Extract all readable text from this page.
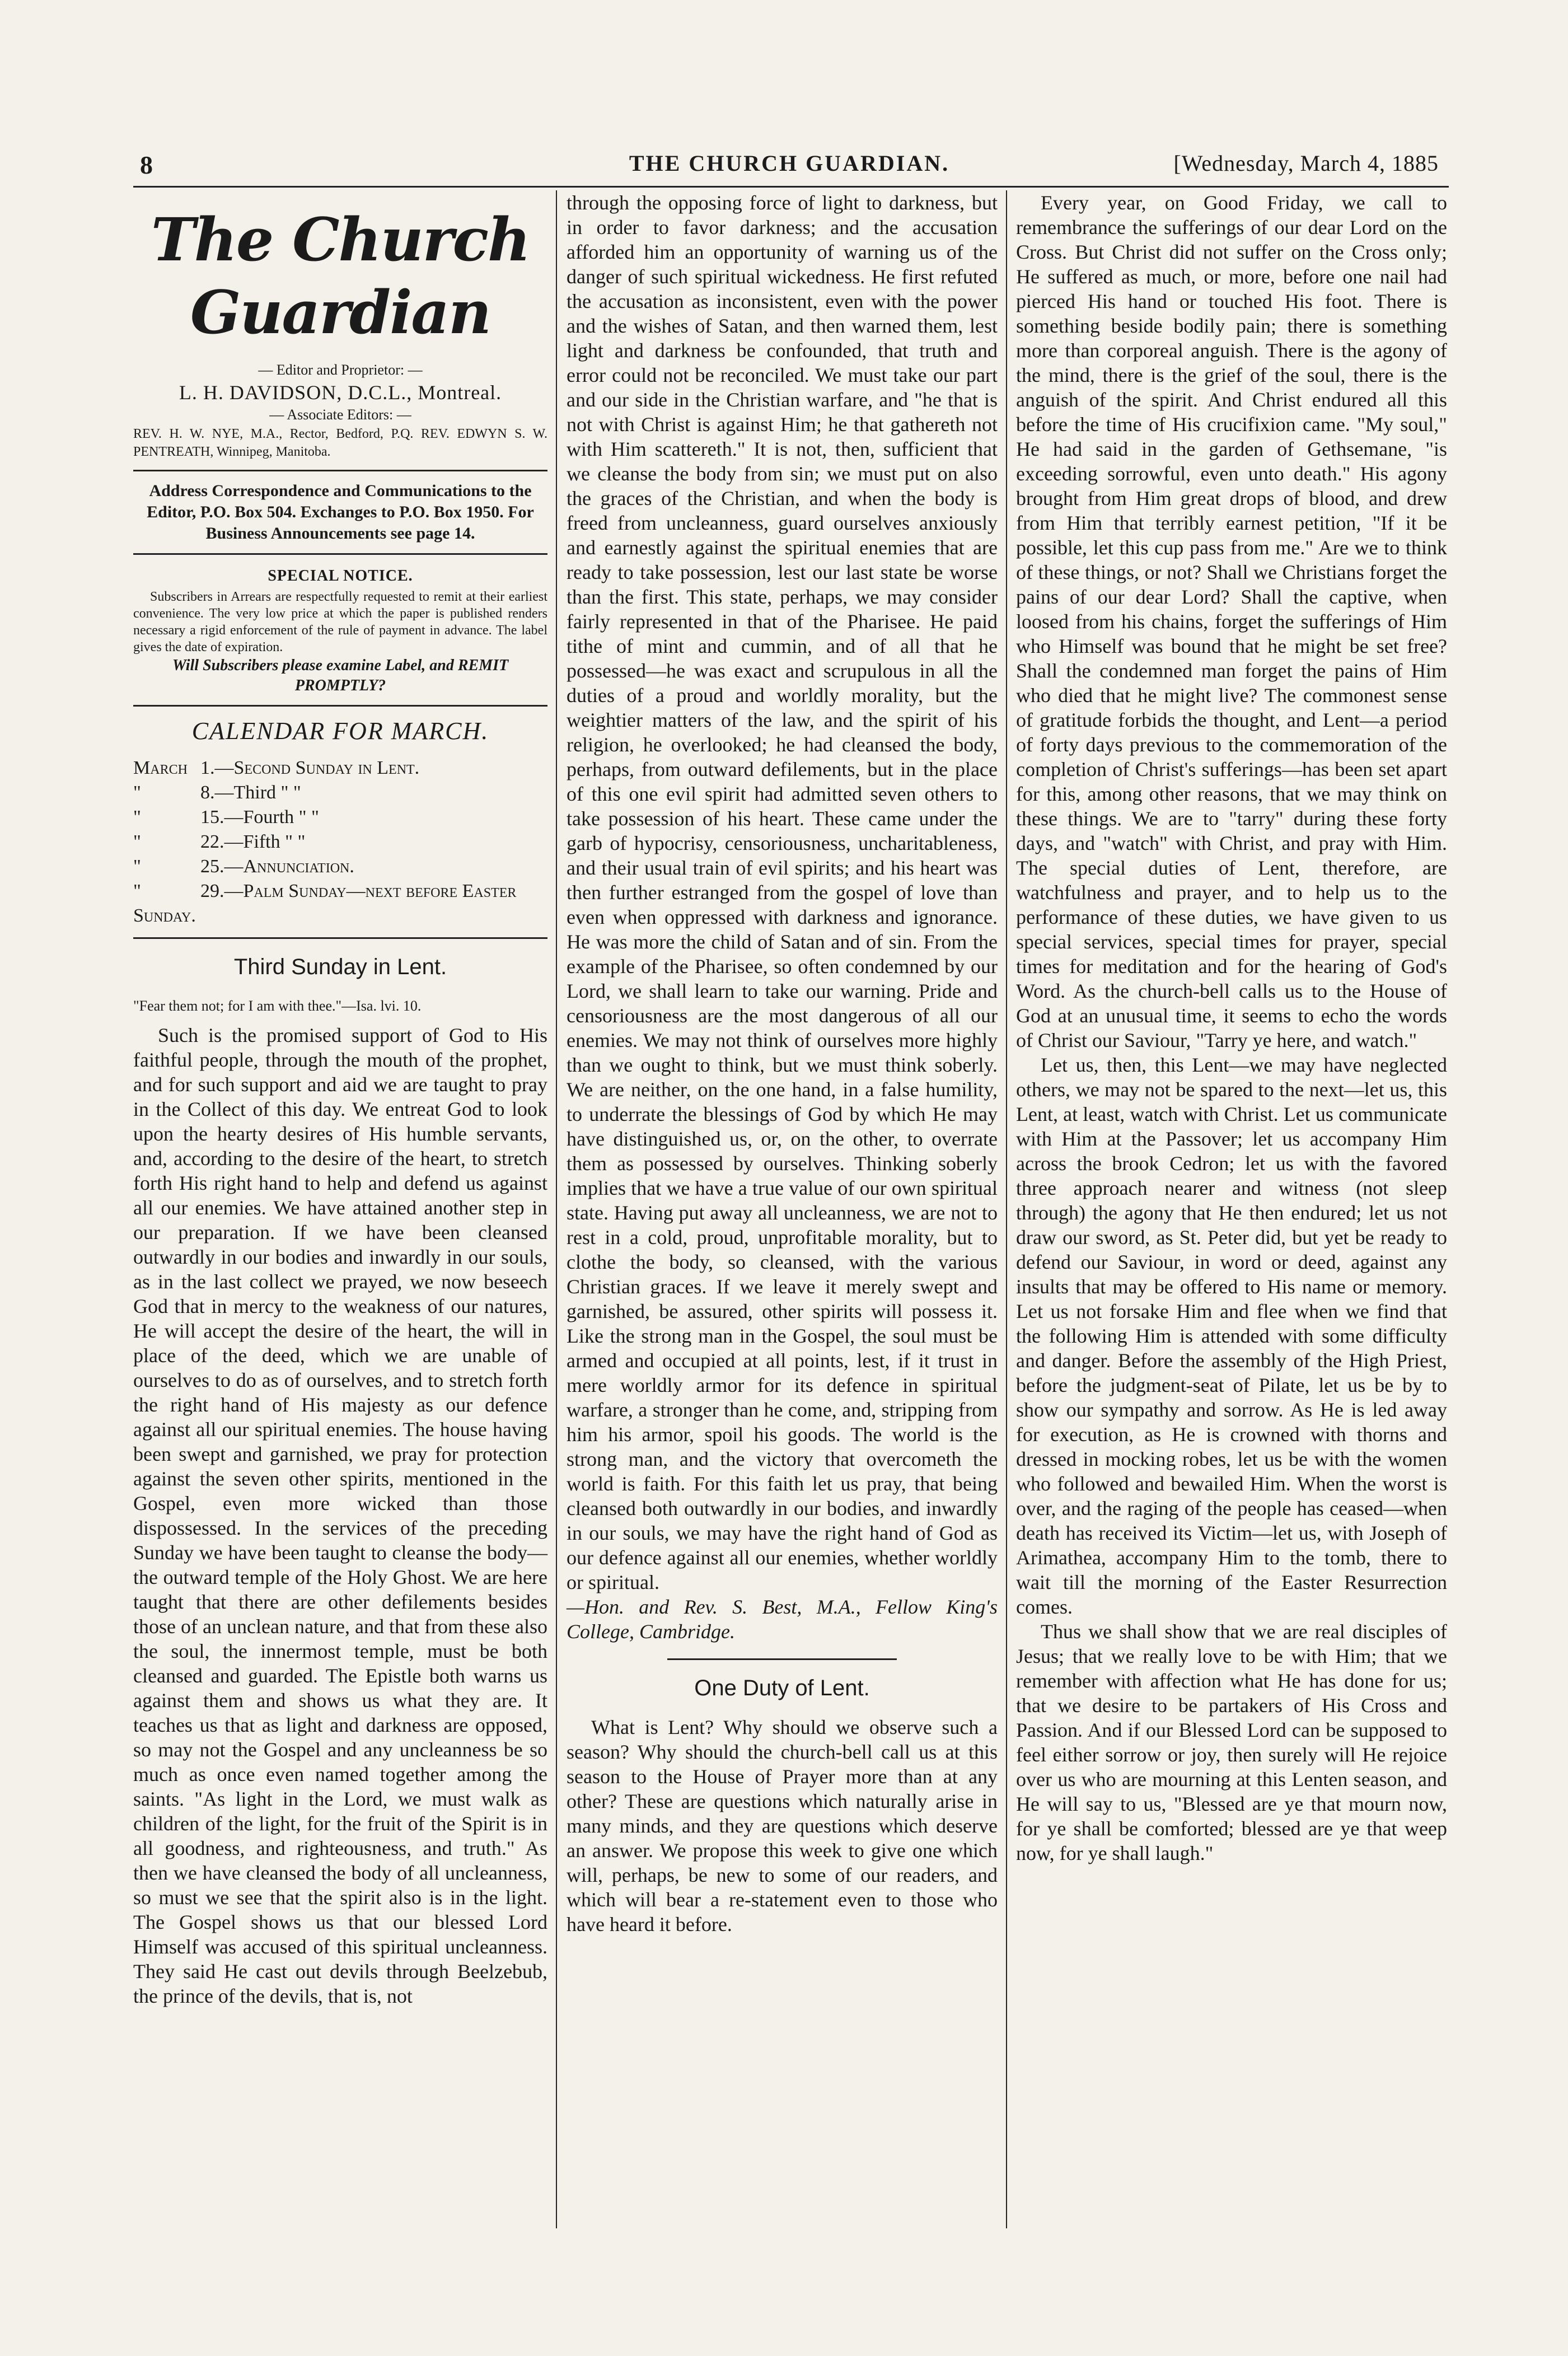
8	THE CHURCH GUARDIAN.	[Wednesday, March 4, 1885
The Church Guardian
— Editor and Proprietor: —
L. H. DAVIDSON, D.C.L., Montreal.
— Associate Editors: —
REV. H. W. NYE, M.A., Rector, Bedford, P.Q. REV. EDWYN S. W. PENTREATH, Winnipeg, Manitoba.
Address Correspondence and Communications to the Editor, P.O. Box 504. Exchanges to P.O. Box 1950. For Business Announcements see page 14.
SPECIAL NOTICE.
Subscribers in Arrears are respectfully requested to remit at their earliest convenience. The very low price at which the paper is published renders necessary a rigid enforcement of the rule of payment in advance. The label gives the date of expiration.
Will Subscribers please examine Label, and REMIT PROMPTLY?
CALENDAR FOR MARCH.
March 1.—Second Sunday in Lent.
"	8.—Third " "
"	15.—Fourth " "
"	22.—Fifth " "
"	25.—Annunciation.
"	29.—Palm Sunday—next before Easter Sunday.
Third Sunday in Lent.
"Fear them not; for I am with thee."—Isa. lvi. 10.

Such is the promised support of God to His faithful people, through the mouth of the prophet, and for such support and aid we are taught to pray in the Collect of this day. We entreat God to look upon the hearty desires of His humble servants, and, according to the desire of the heart, to stretch forth His right hand to help and defend us against all our enemies. We have attained another step in our preparation. If we have been cleansed outwardly in our bodies and inwardly in our souls, as in the last collect we prayed, we now beseech God that in mercy to the weakness of our natures, He will accept the desire of the heart, the will in place of the deed, which we are unable of ourselves to do as of ourselves, and to stretch forth the right hand of His majesty as our defence against all our spiritual enemies. The house having been swept and garnished, we pray for protection against the seven other spirits, mentioned in the Gospel, even more wicked than those dispossessed. In the services of the preceding Sunday we have been taught to cleanse the body—the outward temple of the Holy Ghost. We are here taught that there are other defilements besides those of an unclean nature, and that from these also the soul, the innermost temple, must be both cleansed and guarded. The Epistle both warns us against them and shows us what they are. It teaches us that as light and darkness are opposed, so may not the Gospel and any uncleanness be so much as once even named together among the saints. "As light in the Lord, we must walk as children of the light, for the fruit of the Spirit is in all goodness, and righteousness, and truth." As then we have cleansed the body of all uncleanness, so must we see that the spirit also is in the light. The Gospel shows us that our blessed Lord Himself was accused of this spiritual uncleanness. They said He cast out devils through Beelzebub, the prince of the devils, that is, not

through the opposing force of light to darkness, but in order to favor darkness; and the accusation afforded him an opportunity of warning us of the danger of such spiritual wickedness. He first refuted the accusation as inconsistent, even with the power and the wishes of Satan, and then warned them, lest light and darkness be confounded, that truth and error could not be reconciled. We must take our part and our side in the Christian warfare, and "he that is not with Christ is against Him; he that gathereth not with Him scattereth." It is not, then, sufficient that we cleanse the body from sin; we must put on also the graces of the Christian, and when the body is freed from uncleanness, guard ourselves anxiously and earnestly against the spiritual enemies that are ready to take possession, lest our last state be worse than the first. This state, perhaps, we may consider fairly represented in that of the Pharisee. He paid tithe of mint and cummin, and of all that he possessed—he was exact and scrupulous in all the duties of a proud and worldly morality, but the weightier matters of the law, and the spirit of his religion, he overlooked; he had cleansed the body, perhaps, from outward defilements, but in the place of this one evil spirit had admitted seven others to take possession of his heart. These came under the garb of hypocrisy, censoriousness, uncharitableness, and their usual train of evil spirits; and his heart was then further estranged from the gospel of love than even when oppressed with darkness and ignorance. He was more the child of Satan and of sin. From the example of the Pharisee, so often condemned by our Lord, we shall learn to take our warning. Pride and censoriousness are the most dangerous of all our enemies. We may not think of ourselves more highly than we ought to think, but we must think soberly. We are neither, on the one hand, in a false humility, to underrate the blessings of God by which He may have distinguished us, or, on the other, to overrate them as possessed by ourselves. Thinking soberly implies that we have a true value of our own spiritual state. Having put away all uncleanness, we are not to rest in a cold, proud, unprofitable morality, but to clothe the body, so cleansed, with the various Christian graces. If we leave it merely swept and garnished, be assured, other spirits will possess it. Like the strong man in the Gospel, the soul must be armed and occupied at all points, lest, if it trust in mere worldly armor for its defence in spiritual warfare, a stronger than he come, and, stripping from him his armor, spoil his goods. The world is the strong man, and the victory that overcometh the world is faith. For this faith let us pray, that being cleansed both outwardly in our bodies, and inwardly in our souls, we may have the right hand of God as our defence against all our enemies, whether worldly or spiritual.

—Hon. and Rev. S. Best, M.A., Fellow King's College, Cambridge.

One Duty of Lent.

What is Lent? Why should we observe such a season? Why should the church-bell call us at this season to the House of Prayer more than at any other? These are questions which naturally arise in many minds, and they are questions which deserve an answer. We propose this week to give one which will, perhaps, be new to some of our readers, and which will bear a re-statement even to those who have heard it before.

Every year, on Good Friday, we call to remembrance the sufferings of our dear Lord on the Cross. But Christ did not suffer on the Cross only; He suffered as much, or more, before one nail had pierced His hand or touched His foot. There is something beside bodily pain; there is something more than corporeal anguish. There is the agony of the mind, there is the grief of the soul, there is the anguish of the spirit. And Christ endured all this before the time of His crucifixion came. "My soul," He had said in the garden of Gethsemane, "is exceeding sorrowful, even unto death." His agony brought from Him great drops of blood, and drew from Him that terribly earnest petition, "If it be possible, let this cup pass from me." Are we to think of these things, or not? Shall we Christians forget the pains of our dear Lord? Shall the captive, when loosed from his chains, forget the sufferings of Him who Himself was bound that he might be set free? Shall the condemned man forget the pains of Him who died that he might live? The commonest sense of gratitude forbids the thought, and Lent—a period of forty days previous to the commemoration of the completion of Christ's sufferings—has been set apart for this, among other reasons, that we may think on these things. We are to "tarry" during these forty days, and "watch" with Christ, and pray with Him. The special duties of Lent, therefore, are watchfulness and prayer, and to help us to the performance of these duties, we have given to us special services, special times for prayer, special times for meditation and for the hearing of God's Word. As the church-bell calls us to the House of God at an unusual time, it seems to echo the words of Christ our Saviour, "Tarry ye here, and watch."

Let us, then, this Lent—we may have neglected others, we may not be spared to the next—let us, this Lent, at least, watch with Christ. Let us communicate with Him at the Passover; let us accompany Him across the brook Cedron; let us with the favored three approach nearer and witness (not sleep through) the agony that He then endured; let us not draw our sword, as St. Peter did, but yet be ready to defend our Saviour, in word or deed, against any insults that may be offered to His name or memory. Let us not forsake Him and flee when we find that the following Him is attended with some difficulty and danger. Before the assembly of the High Priest, before the judgment-seat of Pilate, let us be by to show our sympathy and sorrow. As He is led away for execution, as He is crowned with thorns and dressed in mocking robes, let us be with the women who followed and bewailed Him. When the worst is over, and the raging of the people has ceased—when death has received its Victim—let us, with Joseph of Arimathea, accompany Him to the tomb, there to wait till the morning of the Easter Resurrection comes.

Thus we shall show that we are real disciples of Jesus; that we really love to be with Him; that we remember with affection what He has done for us; that we desire to be partakers of His Cross and Passion. And if our Blessed Lord can be supposed to feel either sorrow or joy, then surely will He rejoice over us who are mourning at this Lenten season, and He will say to us, "Blessed are ye that mourn now, for ye shall be comforted; blessed are ye that weep now, for ye shall laugh."
